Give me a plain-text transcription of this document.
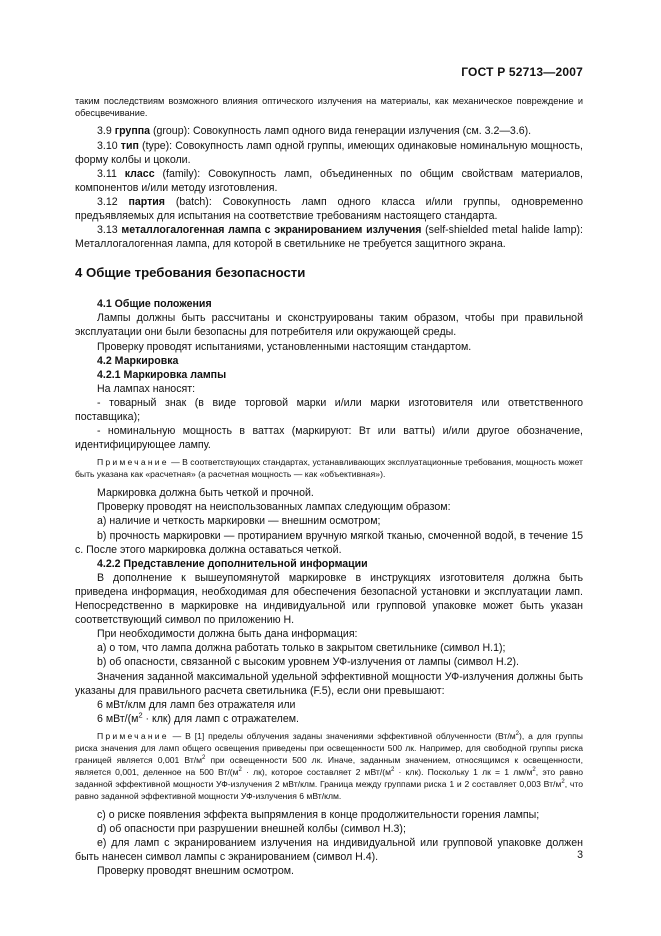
ГОСТ Р 52713—2007

таким последствиям возможного влияния оптического излучения на материалы, как механическое повреждение и обесцвечивание.

3.9 группа (group): Совокупность ламп одного вида генерации излучения (см. 3.2—3.6).

3.10 тип (type): Совокупность ламп одной группы, имеющих одинаковые номинальную мощность, форму колбы и цоколи.

3.11 класс (family): Совокупность ламп, объединенных по общим свойствам материалов, компонентов и/или методу изготовления.

3.12 партия (batch): Совокупность ламп одного класса и/или группы, одновременно предъявляемых для испытания на соответствие требованиям настоящего стандарта.

3.13 металлогалогенная лампа с экранированием излучения (self-shielded metal halide lamp): Металлогалогенная лампа, для которой в светильнике не требуется защитного экрана.

4 Общие требования безопасности

4.1 Общие положения

Лампы должны быть рассчитаны и сконструированы таким образом, чтобы при правильной эксплуатации они были безопасны для потребителя или окружающей среды.

Проверку проводят испытаниями, установленными настоящим стандартом.

4.2 Маркировка

4.2.1 Маркировка лампы

На лампах наносят:

- товарный знак (в виде торговой марки и/или марки изготовителя или ответственного поставщика);

- номинальную мощность в ваттах (маркируют: Вт или ватты) и/или другое обозначение, идентифицирующее лампу.

Примечание — В соответствующих стандартах, устанавливающих эксплуатационные требования, мощность может быть указана как «расчетная» (а расчетная мощность — как «объективная»).

Маркировка должна быть четкой и прочной.

Проверку проводят на неиспользованных лампах следующим образом:

a) наличие и четкость маркировки — внешним осмотром;

b) прочность маркировки — протиранием вручную мягкой тканью, смоченной водой, в течение 15 с. После этого маркировка должна оставаться четкой.

4.2.2 Представление дополнительной информации

В дополнение к вышеупомянутой маркировке в инструкциях изготовителя должна быть приведена информация, необходимая для обеспечения безопасной установки и эксплуатации ламп. Непосредственно в маркировке на индивидуальной или групповой упаковке может быть указан соответствующий символ по приложению Н.

При необходимости должна быть дана информация:

a) о том, что лампа должна работать только в закрытом светильнике (символ Н.1);

b) об опасности, связанной с высоким уровнем УФ-излучения от лампы (символ Н.2).

Значения заданной максимальной удельной эффективной мощности УФ-излучения должны быть указаны для правильного расчета светильника (F.5), если они превышают:

6 мВт/клм для ламп без отражателя или

6 мВт/$(м^2 \cdot клк)$ для ламп с отражателем.

Примечание — В [1] пределы облучения заданы значениями эффективной облученности $(Вт/м^2)$, а для группы риска значения для ламп общего освещения приведены при освещенности 500 лк. Например, для свободной группы риска границей является 0,001 $Вт/м^2$ при освещенности 500 лк. Иначе, заданным значением, относящимся к освещенности, является 0,001, деленное на 500 $Вт/(м^2 \cdot лк)$, которое составляет 2 мВт/$(м^2 \cdot клк)$. Поскольку 1 лк = 1 $лм/м^2$, это равно заданной эффективной мощности УФ-излучения 2 мВт/клм. Граница между группами риска 1 и 2 составляет 0,003 $Вт/м^2$, что равно заданной эффективной мощности УФ-излучения 6 мВт/клм.

c) о риске появления эффекта выпрямления в конце продолжительности горения лампы;

d) об опасности при разрушении внешней колбы (символ Н.3);

e) для ламп с экранированием излучения на индивидуальной или групповой упаковке должен быть нанесен символ лампы с экранированием (символ Н.4).

Проверку проводят внешним осмотром.

3
